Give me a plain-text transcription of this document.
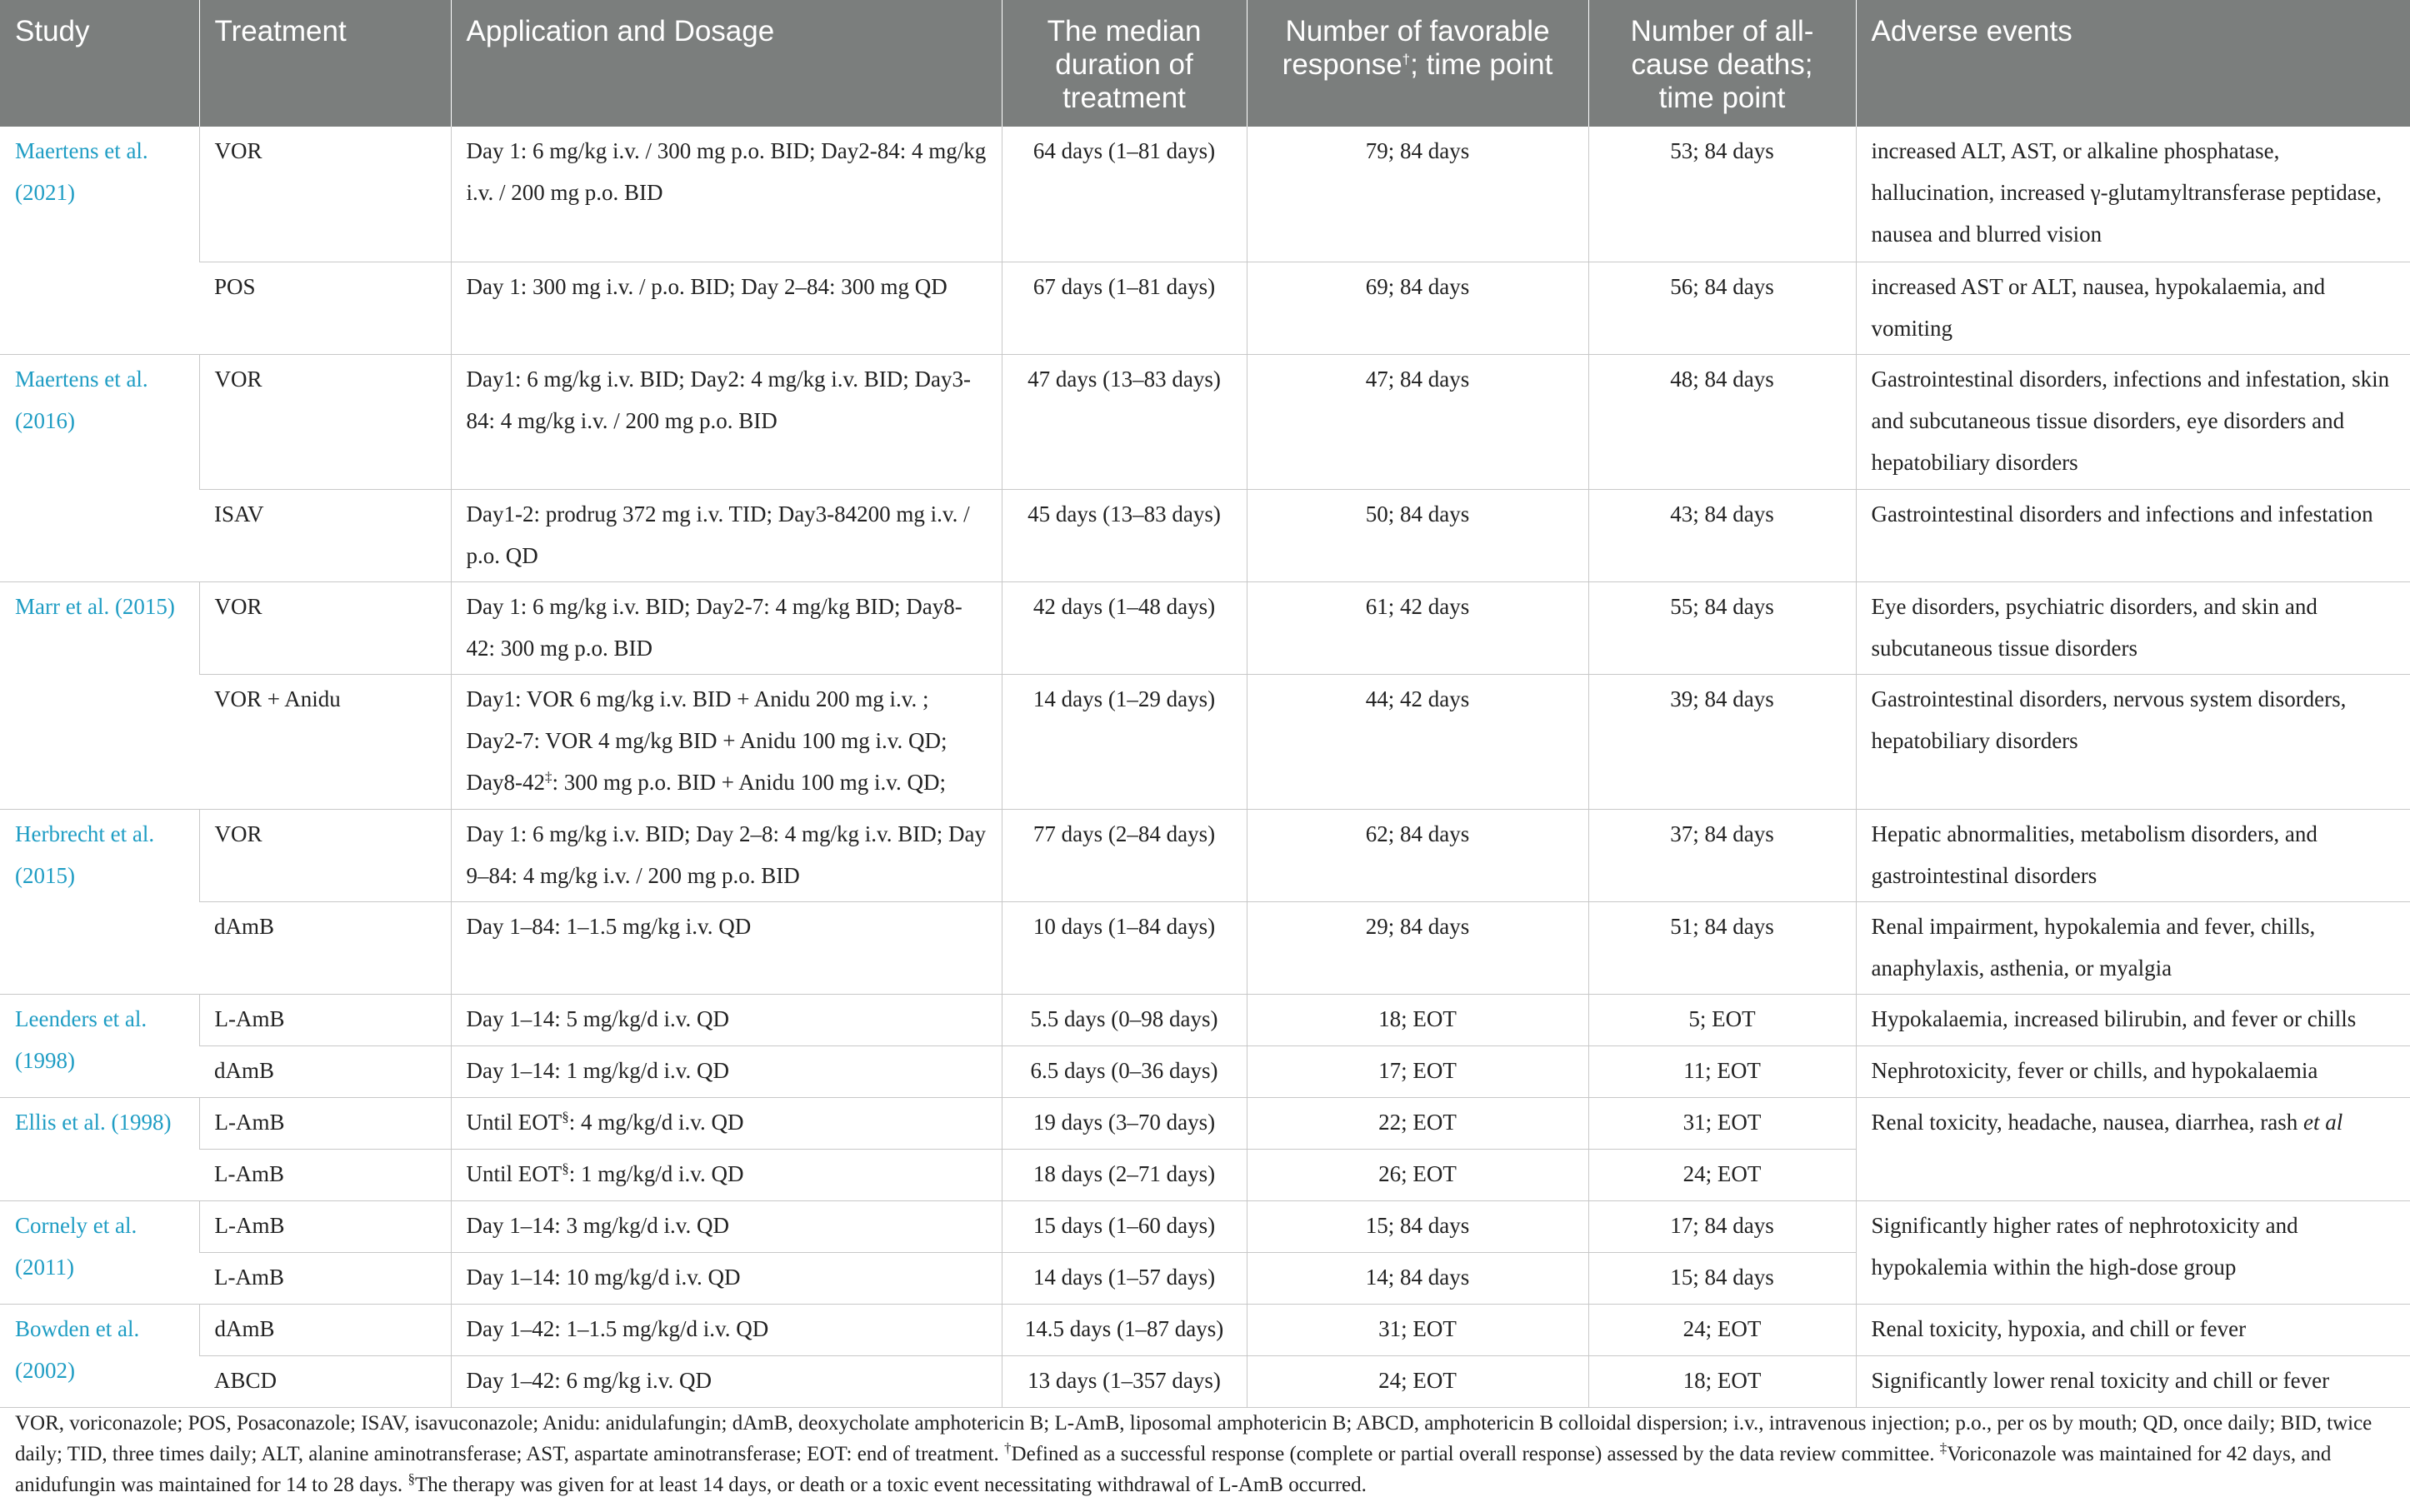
Study	Treatment	Application and Dosage	The median duration of treatment	Number of favorable response†; time point	Number of all-cause deaths; time point	Adverse events
Maertens et al. (2021)	VOR	Day 1: 6 mg/kg i.v. / 300 mg p.o. BID; Day2-84: 4 mg/kg i.v. / 200 mg p.o. BID	64 days (1–81 days)	79; 84 days	53; 84 days	increased ALT, AST, or alkaline phosphatase, hallucination, increased γ-glutamyltransferase peptidase, nausea and blurred vision
	POS	Day 1: 300 mg i.v. / p.o. BID; Day 2–84: 300 mg QD	67 days (1–81 days)	69; 84 days	56; 84 days	increased AST or ALT, nausea, hypokalaemia, and vomiting
Maertens et al. (2016)	VOR	Day1: 6 mg/kg i.v. BID; Day2: 4 mg/kg i.v. BID; Day3-84: 4 mg/kg i.v. / 200 mg p.o. BID	47 days (13–83 days)	47; 84 days	48; 84 days	Gastrointestinal disorders, infections and infestation, skin and subcutaneous tissue disorders, eye disorders and hepatobiliary disorders
	ISAV	Day1-2: prodrug 372 mg i.v. TID; Day3-84200 mg i.v. / p.o. QD	45 days (13–83 days)	50; 84 days	43; 84 days	Gastrointestinal disorders and infections and infestation
Marr et al. (2015)	VOR	Day 1: 6 mg/kg i.v. BID; Day2-7: 4 mg/kg BID; Day8-42: 300 mg p.o. BID	42 days (1–48 days)	61; 42 days	55; 84 days	Eye disorders, psychiatric disorders, and skin and subcutaneous tissue disorders
	VOR + Anidu	Day1: VOR 6 mg/kg i.v. BID + Anidu 200 mg i.v. ; Day2-7: VOR 4 mg/kg BID + Anidu 100 mg i.v. QD; Day8-42‡: 300 mg p.o. BID + Anidu 100 mg i.v. QD;	14 days (1–29 days)	44; 42 days	39; 84 days	Gastrointestinal disorders, nervous system disorders, hepatobiliary disorders
Herbrecht et al. (2015)	VOR	Day 1: 6 mg/kg i.v. BID; Day 2–8: 4 mg/kg i.v. BID; Day 9–84: 4 mg/kg i.v. / 200 mg p.o. BID	77 days (2–84 days)	62; 84 days	37; 84 days	Hepatic abnormalities, metabolism disorders, and gastrointestinal disorders
	dAmB	Day 1–84: 1–1.5 mg/kg i.v. QD	10 days (1–84 days)	29; 84 days	51; 84 days	Renal impairment, hypokalemia and fever, chills, anaphylaxis, asthenia, or myalgia
Leenders et al. (1998)	L-AmB	Day 1–14: 5 mg/kg/d i.v. QD	5.5 days (0–98 days)	18; EOT	5; EOT	Hypokalaemia, increased bilirubin, and fever or chills
	dAmB	Day 1–14: 1 mg/kg/d i.v. QD	6.5 days (0–36 days)	17; EOT	11; EOT	Nephrotoxicity, fever or chills, and hypokalaemia
Ellis et al. (1998)	L-AmB	Until EOT§: 4 mg/kg/d i.v. QD	19 days (3–70 days)	22; EOT	31; EOT	Renal toxicity, headache, nausea, diarrhea, rash et al
	L-AmB	Until EOT§: 1 mg/kg/d i.v. QD	18 days (2–71 days)	26; EOT	24; EOT	
Cornely et al. (2011)	L-AmB	Day 1–14: 3 mg/kg/d i.v. QD	15 days (1–60 days)	15; 84 days	17; 84 days	Significantly higher rates of nephrotoxicity and hypokalemia within the high-dose group
	L-AmB	Day 1–14: 10 mg/kg/d i.v. QD	14 days (1–57 days)	14; 84 days	15; 84 days	
Bowden et al. (2002)	dAmB	Day 1–42: 1–1.5 mg/kg/d i.v. QD	14.5 days (1–87 days)	31; EOT	24; EOT	Renal toxicity, hypoxia, and chill or fever
	ABCD	Day 1–42: 6 mg/kg i.v. QD	13 days (1–357 days)	24; EOT	18; EOT	Significantly lower renal toxicity and chill or fever
VOR, voriconazole; POS, Posaconazole; ISAV, isavuconazole; Anidu: anidulafungin; dAmB, deoxycholate amphotericin B; L-AmB, liposomal amphotericin B; ABCD, amphotericin B colloidal dispersion; i.v., intravenous injection; p.o., per os by mouth; QD, once daily; BID, twice daily; TID, three times daily; ALT, alanine aminotransferase; AST, aspartate aminotransferase; EOT: end of treatment. †Defined as a successful response (complete or partial overall response) assessed by the data review committee. ‡Voriconazole was maintained for 42 days, and anidufungin was maintained for 14 to 28 days. §The therapy was given for at least 14 days, or death or a toxic event necessitating withdrawal of L-AmB occurred.
